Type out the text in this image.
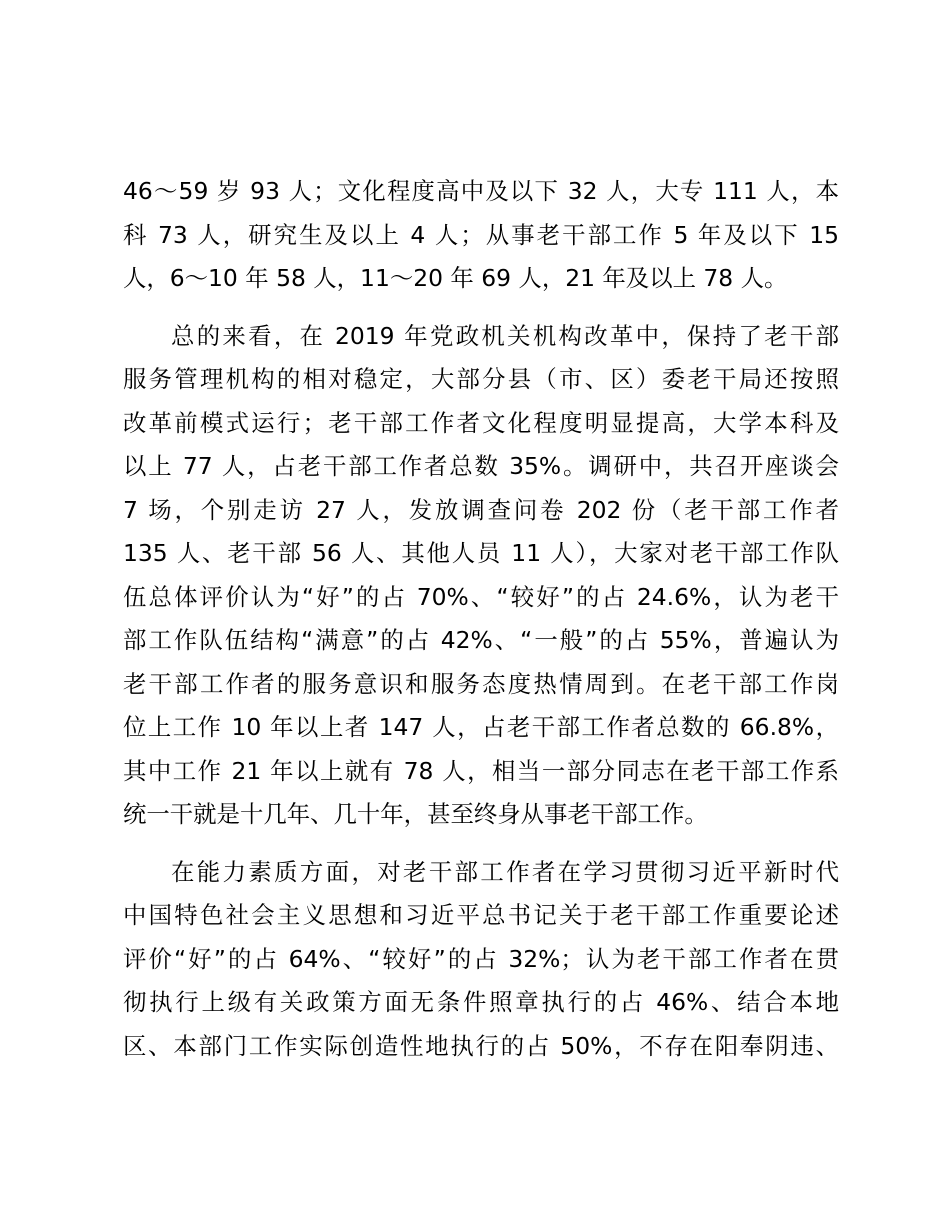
46～59 岁 93 人；文化程度高中及以下 32 人，大专 111 人，本
科 73 人，研究生及以上 4 人；从事老干部工作 5 年及以下 15
人，6～10 年 58 人，11～20 年 69 人，21 年及以上 78 人。
总的来看，在 2019 年党政机关机构改革中，保持了老干部
服务管理机构的相对稳定，大部分县（市、区）委老干局还按照
改革前模式运行；老干部工作者文化程度明显提高，大学本科及
以上 77 人，占老干部工作者总数 35%。调研中，共召开座谈会
7 场，个别走访 27 人，发放调查问卷 202 份（老干部工作者
135 人、老干部 56 人、其他人员 11 人），大家对老干部工作队
伍总体评价认为“好”的占 70%、“较好”的占 24.6%，认为老干
部工作队伍结构“满意”的占 42%、“一般”的占 55%，普遍认为
老干部工作者的服务意识和服务态度热情周到。在老干部工作岗
位上工作 10 年以上者 147 人，占老干部工作者总数的 66.8%，
其中工作 21 年以上就有 78 人，相当一部分同志在老干部工作系
统一干就是十几年、几十年，甚至终身从事老干部工作。
在能力素质方面，对老干部工作者在学习贯彻习近平新时代
中国特色社会主义思想和习近平总书记关于老干部工作重要论述
评价“好”的占 64%、“较好”的占 32%；认为老干部工作者在贯
彻执行上级有关政策方面无条件照章执行的占 46%、结合本地
区、本部门工作实际创造性地执行的占 50%，不存在阳奉阴违、
